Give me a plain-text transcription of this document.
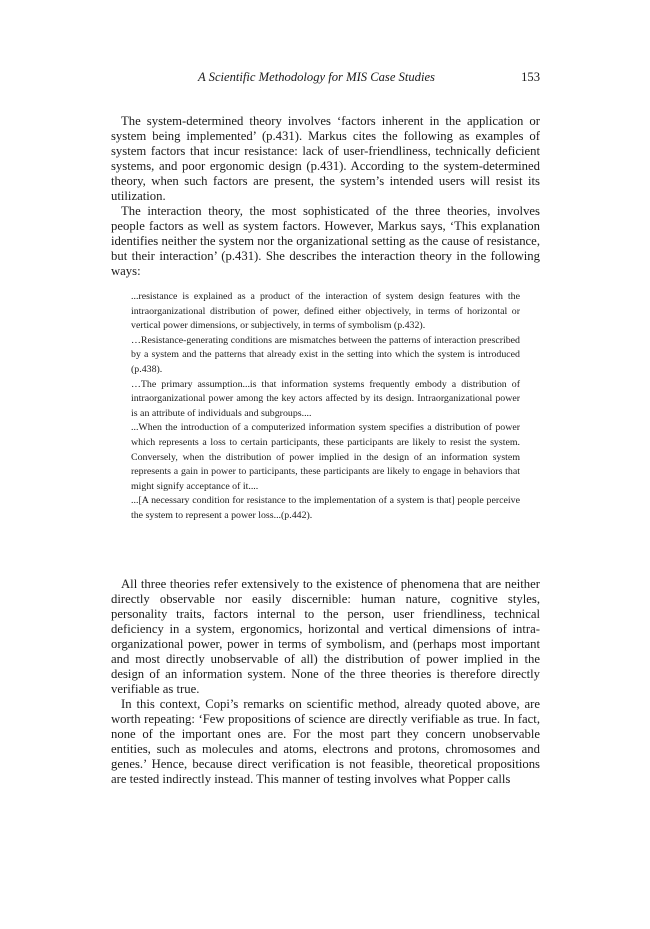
A Scientific Methodology for MIS Case Studies	153

The system-determined theory involves ‘factors inherent in the application or system being implemented’ (p.431). Markus cites the following as examples of system factors that incur resistance: lack of user-friendliness, technically deficient systems, and poor ergonomic design (p.431). According to the system-determined theory, when such factors are present, the system’s intended users will resist its utilization.

The interaction theory, the most sophisticated of the three theories, involves people factors as well as system factors. However, Markus says, ‘This explanation identifies neither the system nor the organizational setting as the cause of resistance, but their interaction’ (p.431). She describes the interaction theory in the following ways:

...resistance is explained as a product of the interaction of system design features with the intraorganizational distribution of power, defined either objectively, in terms of horizontal or vertical power dimensions, or subjectively, in terms of symbolism (p.432).

…Resistance-generating conditions are mismatches between the patterns of interaction prescribed by a system and the patterns that already exist in the setting into which the system is introduced (p.438).

…The primary assumption...is that information systems frequently embody a distribution of intraorganizational power among the key actors affected by its design. Intraorganizational power is an attribute of individuals and subgroups....

...When the introduction of a computerized information system specifies a distribution of power which represents a loss to certain participants, these participants are likely to resist the system. Conversely, when the distribution of power implied in the design of an information system represents a gain in power to participants, these participants are likely to engage in behaviors that might signify acceptance of it....

...[A necessary condition for resistance to the implementation of a system is that] people perceive the system to represent a power loss...(p.442).

All three theories refer extensively to the existence of phenomena that are neither directly observable nor easily discernible: human nature, cognitive styles, personality traits, factors internal to the person, user friendliness, technical deficiency in a system, ergonomics, horizontal and vertical dimensions of intra-organizational power, power in terms of symbolism, and (perhaps most important and most directly unobservable of all) the distribution of power implied in the design of an information system. None of the three theories is therefore directly verifiable as true.

In this context, Copi’s remarks on scientific method, already quoted above, are worth repeating: ‘Few propositions of science are directly verifiable as true. In fact, none of the important ones are. For the most part they concern unobservable entities, such as molecules and atoms, electrons and protons, chromosomes and genes.’ Hence, because direct verification is not feasible, theoretical propositions are tested indirectly instead. This manner of testing involves what Popper calls
